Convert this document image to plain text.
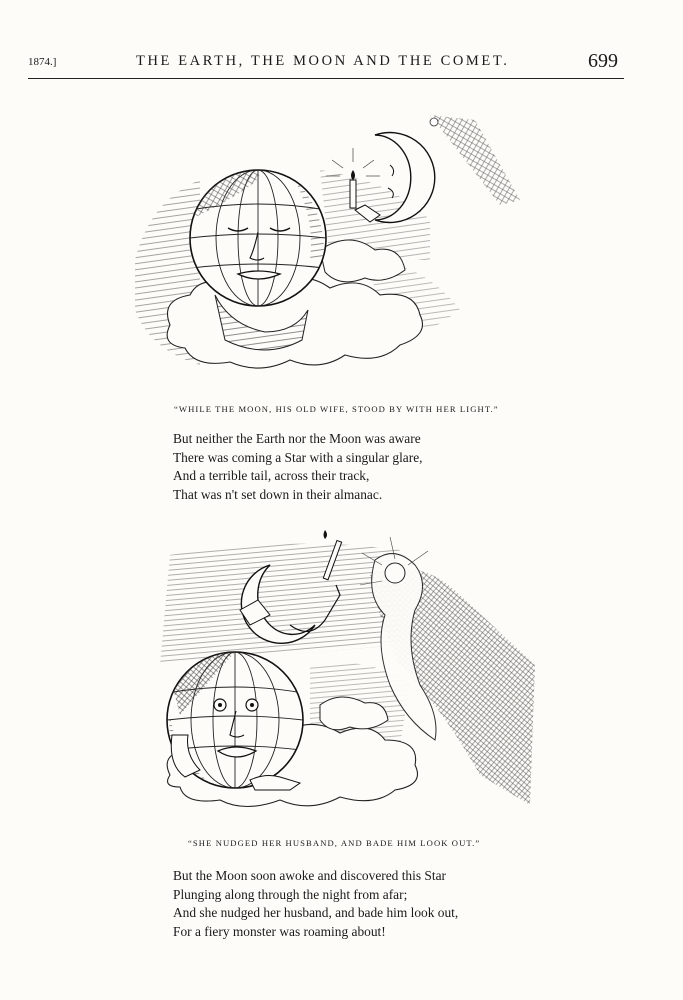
1874.]	THE EARTH, THE MOON AND THE COMET.	699
“WHILE THE MOON, HIS OLD WIFE, STOOD BY WITH HER LIGHT.”
But neither the Earth nor the Moon was aware
There was coming a Star with a singular glare,
And a terrible tail, across their track,
That was n't set down in their almanac.
“SHE NUDGED HER HUSBAND, AND BADE HIM LOOK OUT.”
But the Moon soon awoke and discovered this Star
Plunging along through the night from afar;
And she nudged her husband, and bade him look out,
For a fiery monster was roaming about!
